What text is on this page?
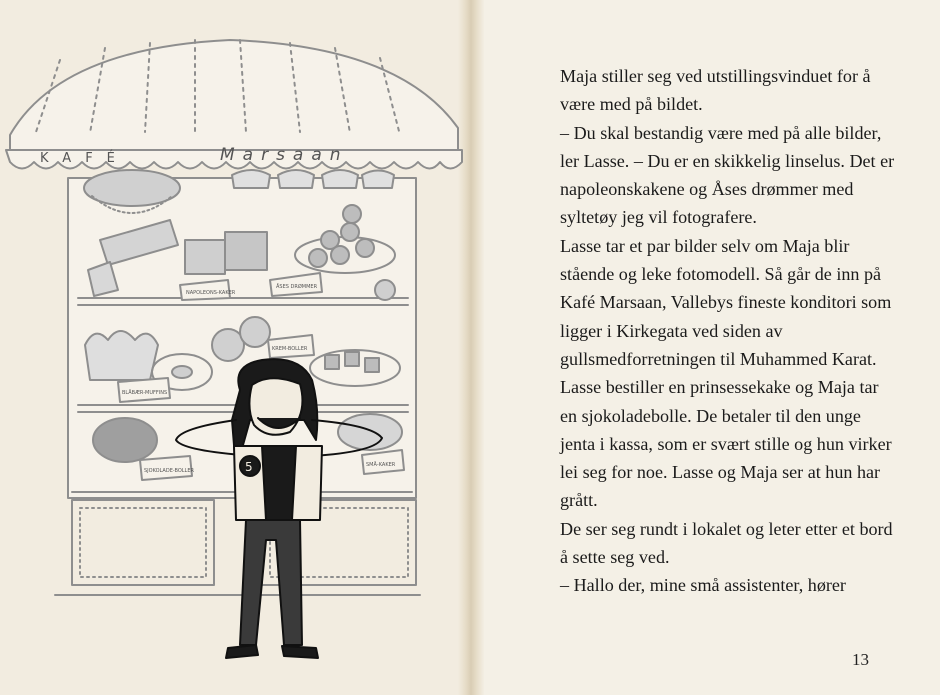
KAFÉ	Marsaan
NAPOLEONS-KAKER
ÅSES DRØMMER
KREM-BOLLER
BLÅBÆR-MUFFINS
SJOKOLADE-BOLLER
SMÅ-KAKER
5

Maja stiller seg ved utstillingsvinduet for å være med på bildet.

– Du skal bestandig være med på alle bilder, ler Lasse. – Du er en skikkelig linselus. Det er napoleonskakene og Åses drømmer med syltetøy jeg vil fotografere.

Lasse tar et par bilder selv om Maja blir stående og leke fotomodell. Så går de inn på Kafé Marsaan, Vallebys fineste konditori som ligger i Kirkegata ved siden av gullsmedforretningen til Muhammed Karat.

Lasse bestiller en prinsessekake og Maja tar en sjokoladebolle. De betaler til den unge jenta i kassa, som er svært stille og hun virker lei seg for noe. Lasse og Maja ser at hun har grått.

De ser seg rundt i lokalet og leter etter et bord å sette seg ved.

– Hallo der, mine små assistenter, hører

13
